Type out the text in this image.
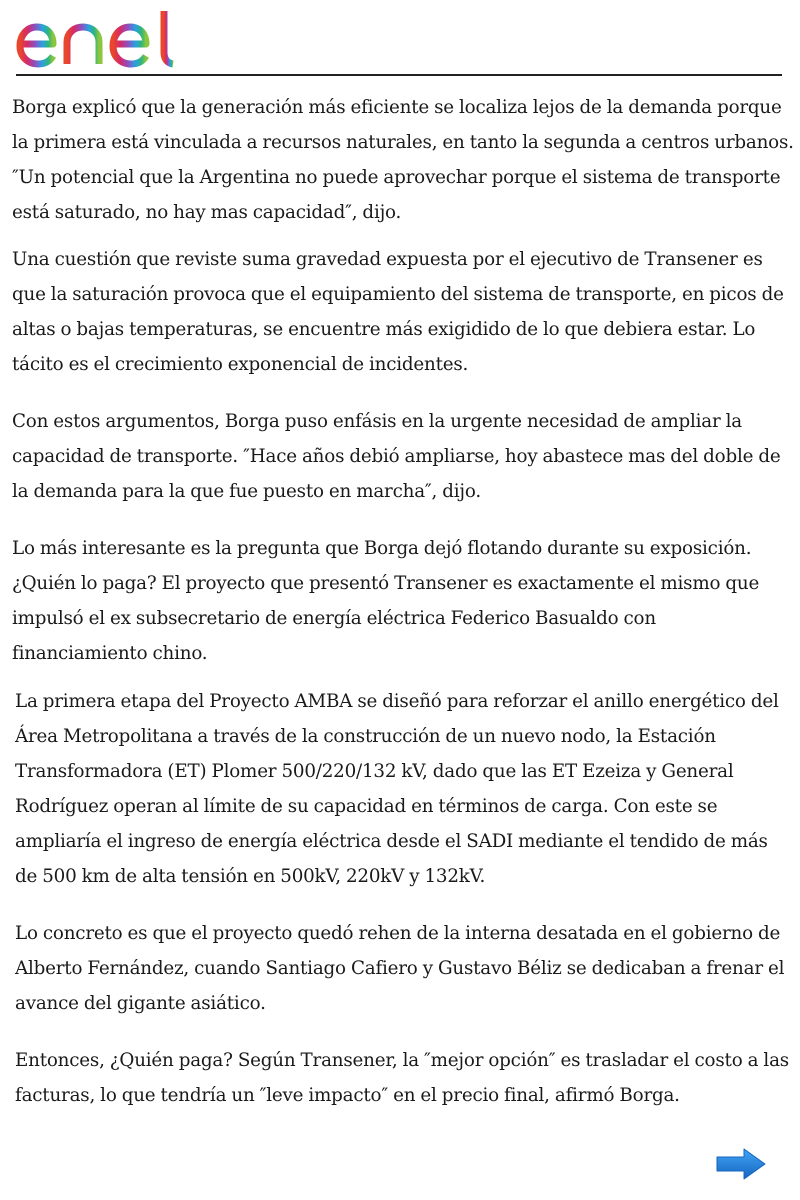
Borga explicó que la generación más eficiente se localiza lejos de la demanda porque la primera está vinculada a recursos naturales, en tanto la segunda a centros urbanos. ″Un potencial que la Argentina no puede aprovechar porque el sistema de transporte está saturado, no hay mas capacidad″, dijo.

Una cuestión que reviste suma gravedad expuesta por el ejecutivo de Transener es que la saturación provoca que el equipamiento del sistema de transporte, en picos de altas o bajas temperaturas, se encuentre más exigidido de lo que debiera estar. Lo tácito es el crecimiento exponencial de incidentes.

Con estos argumentos, Borga puso enfásis en la urgente necesidad de ampliar la capacidad de transporte. ″Hace años debió ampliarse, hoy abastece mas del doble de la demanda para la que fue puesto en marcha″, dijo.

Lo más interesante es la pregunta que Borga dejó flotando durante su exposición. ¿Quién lo paga? El proyecto que presentó Transener es exactamente el mismo que impulsó el ex subsecretario de energía eléctrica Federico Basualdo con financiamiento chino.

La primera etapa del Proyecto AMBA se diseñó para reforzar el anillo energético del Área Metropolitana a través de la construcción de un nuevo nodo, la Estación Transformadora (ET) Plomer 500/220/132 kV, dado que las ET Ezeiza y General Rodríguez operan al límite de su capacidad en términos de carga. Con este se ampliaría el ingreso de energía eléctrica desde el SADI mediante el tendido de más de 500 km de alta tensión en 500kV, 220kV y 132kV.

Lo concreto es que el proyecto quedó rehen de la interna desatada en el gobierno de Alberto Fernández, cuando Santiago Cafiero y Gustavo Béliz se dedicaban a frenar el avance del gigante asiático.

Entonces, ¿Quién paga? Según Transener, la ″mejor opción″ es trasladar el costo a las facturas, lo que tendría un ″leve impacto″ en el precio final, afirmó Borga.
